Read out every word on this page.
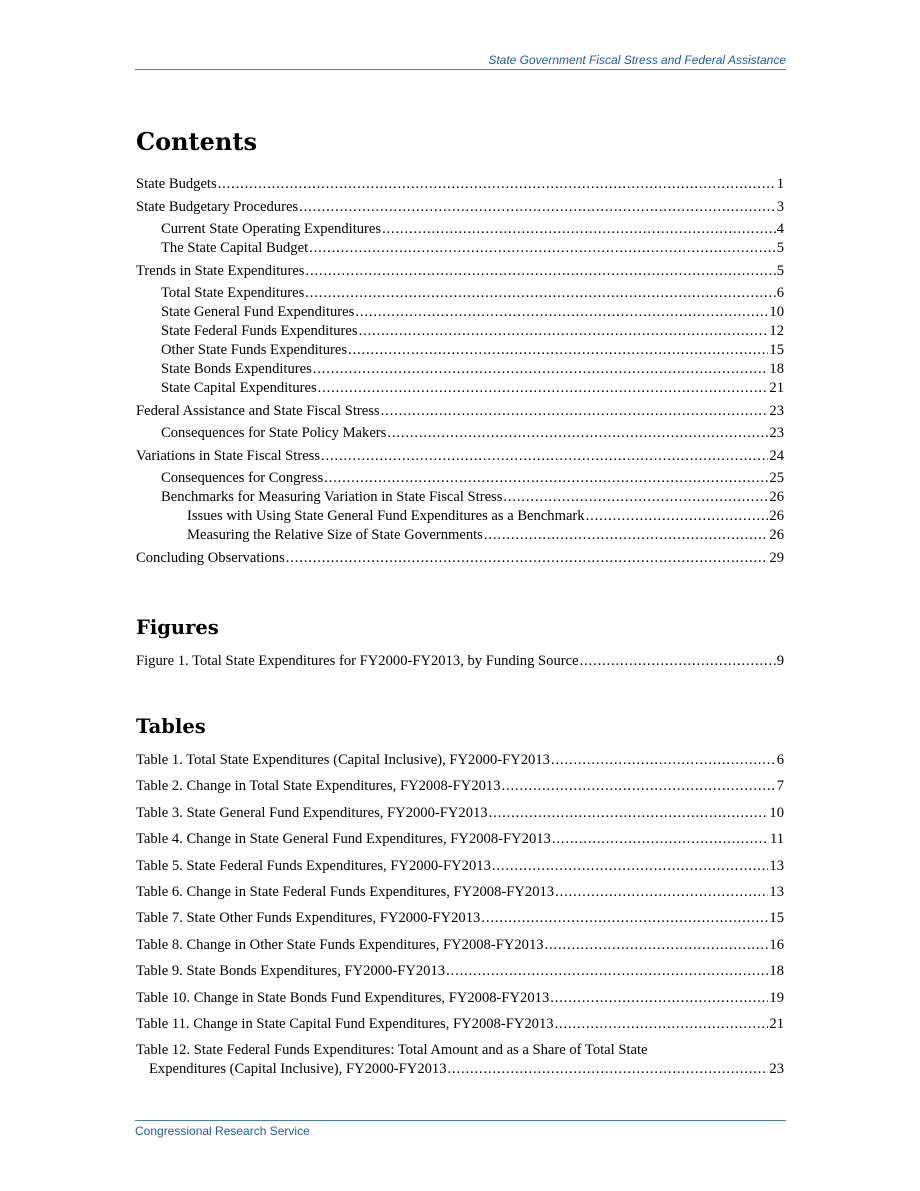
State Government Fiscal Stress and Federal Assistance
Contents
State Budgets . . .	1
State Budgetary Procedures . . .	3
Current State Operating Expenditures . . .	4
The State Capital Budget . . .	5
Trends in State Expenditures . . .	5
Total State Expenditures . . .	6
State General Fund Expenditures . . .	10
State Federal Funds Expenditures . . .	12
Other State Funds Expenditures . . .	15
State Bonds Expenditures . . .	18
State Capital Expenditures . . .	21
Federal Assistance and State Fiscal Stress . . .	23
Consequences for State Policy Makers . . .	23
Variations in State Fiscal Stress . . .	24
Consequences for Congress . . .	25
Benchmarks for Measuring Variation in State Fiscal Stress . . .	26
Issues with Using State General Fund Expenditures as a Benchmark . . .	26
Measuring the Relative Size of State Governments . . .	26
Concluding Observations . . .	29
Figures
Figure 1. Total State Expenditures for FY2000-FY2013, by Funding Source . . .	9
Tables
Table 1. Total State Expenditures (Capital Inclusive), FY2000-FY2013 . . .	6
Table 2. Change in Total State Expenditures, FY2008-FY2013 . . .	7
Table 3. State General Fund Expenditures, FY2000-FY2013 . . .	10
Table 4. Change in State General Fund Expenditures, FY2008-FY2013 . . .	11
Table 5. State Federal Funds Expenditures, FY2000-FY2013 . . .	13
Table 6. Change in State Federal Funds Expenditures, FY2008-FY2013 . . .	13
Table 7. State Other Funds Expenditures, FY2000-FY2013 . . .	15
Table 8. Change in Other State Funds Expenditures, FY2008-FY2013 . . .	16
Table 9. State Bonds Expenditures, FY2000-FY2013 . . .	18
Table 10. Change in State Bonds Fund Expenditures, FY2008-FY2013 . . .	19
Table 11. Change in State Capital Fund Expenditures, FY2008-FY2013 . . .	21
Table 12. State Federal Funds Expenditures: Total Amount and as a Share of Total State
Expenditures (Capital Inclusive), FY2000-FY2013 . . .	23
Congressional Research Service
